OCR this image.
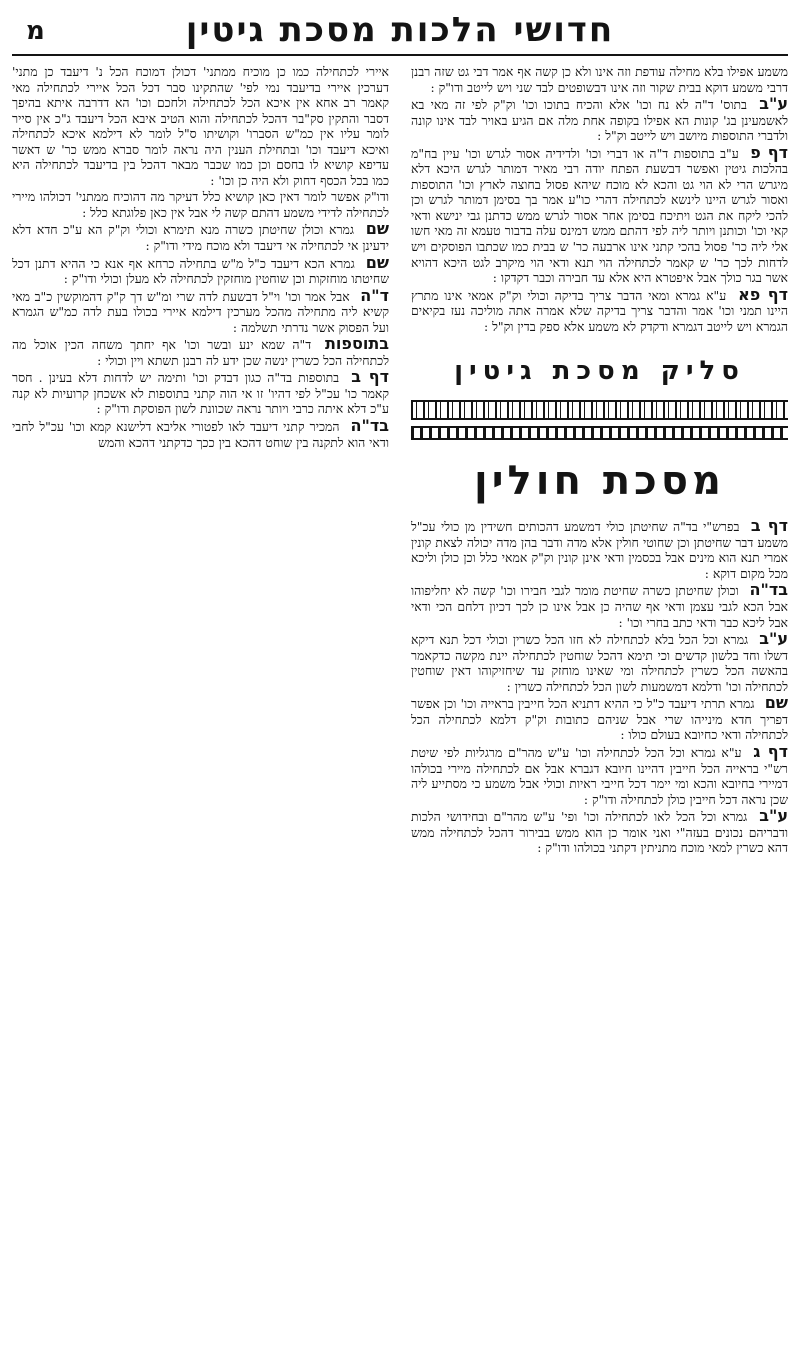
מ	חדושי הלכות מסכת גיטין

משמע אפילו בלא מחילה עודפת וזה אינו ולא כן קשה אף אמר דבי גט שזה רבנן דרבי משמע דוקא בבית שקור וזה אינו דבשופטים לבד שני ויש לייטב ודו"ק :

ע"ב בתוס' ד"ה לא נח וכו' אלא והכיח בתוכו וכו' וק"ק לפי זה מאי בא לאשמעינן בג' קונות הא אפילו בקופה אחת מלה אם הגיע באויר לבד אינו קונה ולדברי התוספות מיושב ויש לייטב וק"ל :

דף פ ע"ב בתוספות ד"ה או דברי וכו' ולדידיה אסור לגרש וכו' עיין בח"מ בהלכות גיטין ואפשר דבשעת הפתח יודה רבי מאיר דמותר לגרש היכא דלא מיגרש הרי לא הוי גט והכא לא מוכח שיהא פסול בחוצה לארץ וכו' התוספות ואסור לגרש היינו לינשא לכתחילה דהרי כו"ע אמר בך בסימן דמותר לגרש וכן להכי ליקח את הגט ויתיכח בסימן אחר אסור לגרש ממש כדתנן גבי ינישא ודאי קאי וכו' וכותנן ויותר ליה לפי דהתם ממש דמינס עלה בדבור טעמא זה מאי חשו אלי ליה כר' פסול בהכי קתני אינו ארבעה כר' ש בבית כמו שכתבו הפוסקים ויש לדחות לכך כר' ש קאמר לכתחילה הוי תנא ודאי הוי מיקרב לגט היכא דהויא אשר בגר כולך אבל איפטרא היא אלא עד חבירה וכבר דקדקו :

דף פא ע"א גמרא ומאי הדבר צריך בדיקה וכולי וק"ק אמאי אינו מתרץ היינו תמני וכו' אמר והדבר צריך בדיקה שלא אמרה אתה מוליכה נעז בקיאים הגמרא ויש לייטב דגמרא ודקדק לא משמע אלא ספק בדין וק"ל :

סליק מסכת גיטין
מסכת חולין

דף ב בפרש"י בד"ה שחיטתן כולי דמשמע דהכותים חשידין מן כולי עכ"ל משמע דבר שחיטתן וכן שחוטי חולין אלא מדה ודבר בהן מדה יכולה לצאת קונין אמרי תנא הוא מינים אבל בכסמין ודאי אינן קונין וק"ק אמאי כלל וכן כולן וליכא מכל מקום דוקא :

בד"ה וכולן שחיטתן כשרה שחיטת מומר לגבי חבירו וכו' קשה לא יחליפוהו אבל הכא לגבי עצמן ודאי אף שהיה כן אבל אינו כן לכך דכיון דלחם הכי ודאי אבל ליכא כבר ודאי כתב בחרי וכו' :

ע"ב גמרא וכל הכל בלא לכתחילה לא חזו הכל כשרין וכולי דכל תנא דיקא דשלו וחד בלשון קדשים וכי תימא דהכל שוחטין לכתחילה יינת מקשה כדקאמר בהאשה הכל כשרין לכתחילה ומי שאינו מוחזק עד שיחזיקוהו דאין שוחטין לכתחילה וכו' ודלמא דמשמעות לשון הכל לכתחילה כשרין :

שם גמרא תרתי דיעבד כ"ל כי ההיא דתניא הכל חייבין בראייה וכו' וכן אפשר דפריך חדא מינייהו שרי אבל שניהם כתובות וק"ק דלמא לכתחילה הכל לכתחילה ודאי כחיובא בעולם כולו :

דף ג ע"א גמרא וכל הכל לכתחילה וכו' ע"ש מהר"ם מרגליות לפי שיטת רש"י בראייה הכל חייבין דהיינו חיובא דגברא אבל אם לכתחילה מיירי בכולהו דמיירי בחיובא והכא ומי יימר דכל חייבי ראיות וכולי אבל משמע כי מסתייע ליה שכן נראה דכל חייבין כולן לכתחילה ודו"ק :

ע"ב גמרא וכל הכל לאו לכתחילה וכו' ופי' ע"ש מהר"ם ובחידושי הלכות ודבריהם נכונים בעזה"י ואני אומר כן הוא ממש בבירור דהכל לכתחילה ממש דהא כשרין למאי מוכח מתניתין דקתני בכולהו ודו"ק :

איירי לכתחילה כמו כן מוכיח ממתני' דכולן דמוכח הכל נ' דיעבד כן מתני' דערכין איירי בדיעבד נמי לפי' שהתקינו סבר דכל הכל איירי לכתחילה מאי קאמר רב אחא אין איכא הכל לכתחילה ולחכם וכו' הא דדרבה איתא בהיפך דסבר והתקין סק"בר דהכל לכתחילה והוא הטיב איבא הכל דיעבד ג"כ אין סייר לומר עליו אין כמ"ש הסברו' וקושיתו ס"ל לומר לא דילמא איכא לכתחילה ואיכא דיעבד וכו' ובתחילת הענין היה נראה לומר סברא ממש כר' ש דאשר עדיפא קושיא לו בחסם וכן כמו שכבר מבאר דהכל בין בדיעבד לכתחילה היא כמו בכל הכסף דחוק ולא היה כן וכו' :

ודו"ק אפשר לומר דאין כאן קושיא כלל דעיקר מה דהוכיח ממתני' דכולהו מיירי לכתחילה לדידי משמע דהתם קשה לי אבל אין כאן פלוגתא כלל :

שם גמרא וכולן שחיטתן כשרה מנא תימרא וכולי וק"ק הא ע"כ חדא דלא ידעינן אי לכתחילה אי דיעבד ולא מוכח מידי ודו"ק :

שם גמרא הכא דיעבד כ"ל מ"ש בתחילה כרחא אף אנא כי ההיא דתנן דכל שחיטתו מוחזקות וכן שוחטין מוחזקין לכתחילה לא מעלן וכולי ודו"ק :

ד"ה אבל אמר וכו' וי"ל דבשעת לדה שרי ומ"ש דך ק"ק דהמוקשין כ"ב מאי קשיא ליה מתחילה מהכל מערכין דילמא איירי בכולו בעת לדה כמ"ש הגמרא ועל הפסוק אשר נדרתי תשלמה :

בתוספות ד"ה שמא ינע ובשר וכו' אף יחתך משחה הכין אוכל מה לכתחילה הכל כשרין ינשה שכן ידע לה רבנן תשתא ויין וכולי :

דף ב בתוספות בד"ה כגון דבדק וכו' ותימה יש לדחות דלא בעינן . חסר קאמר כו' עכ"ל לפי דהיו' זו אי הוה קתני בתוספות לא אשכחן קרועיות לא קנה ע"כ דלא איתה כרבי ויותר נראה שכוונת לשון הפוסקת ודו"ק :

בד"ה המכיר קתני דיעבד לאו לפטורי אליבא דלישנא קמא וכו' עכ"ל לחבי ודאי הוא לתקנה בין שוחט דהכא בין ככך כדקתני דהכא והמש
